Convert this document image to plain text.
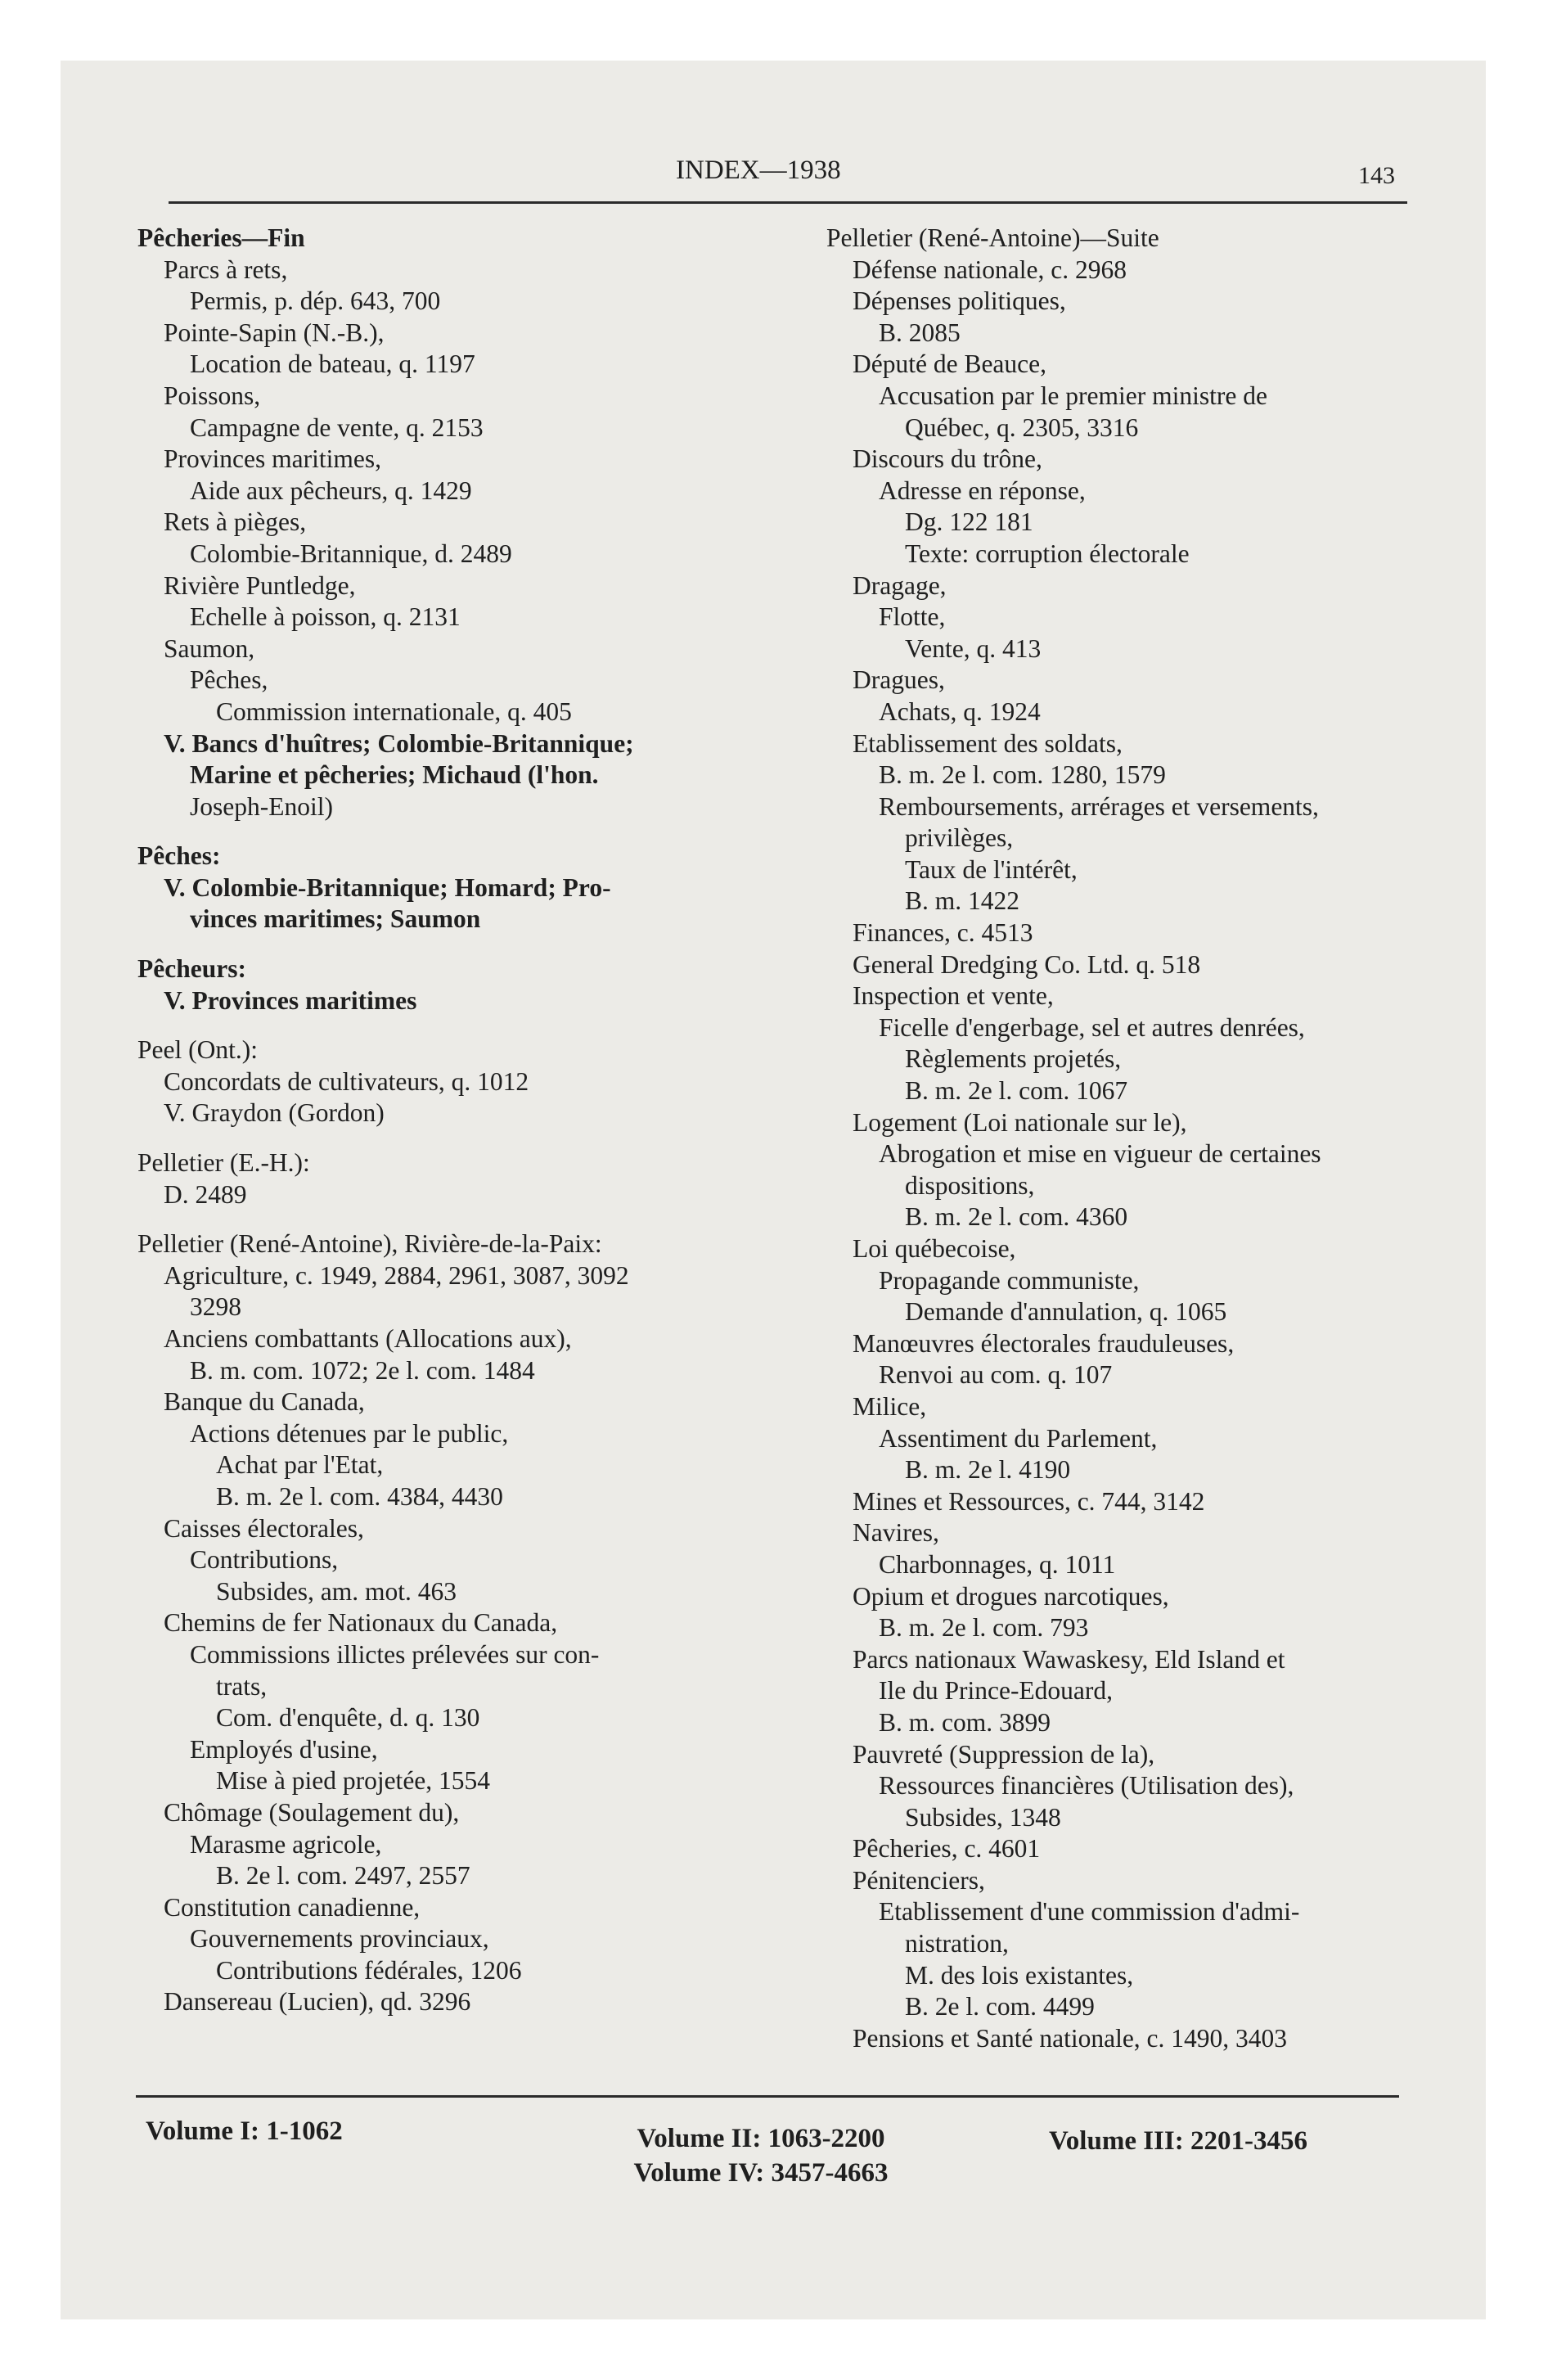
INDEX—1938	143
Pêcheries—Fin
Parcs à rets,
Permis, p. dép. 643, 700
Pointe-Sapin (N.-B.),
Location de bateau, q. 1197
Poissons,
Campagne de vente, q. 2153
Provinces maritimes,
Aide aux pêcheurs, q. 1429
Rets à pièges,
Colombie-Britannique, d. 2489
Rivière Puntledge,
Echelle à poisson, q. 2131
Saumon,
Pêches,
Commission internationale, q. 405
V. Bancs d'huîtres; Colombie-Britannique;
Marine et pêcheries; Michaud (l'hon.
Joseph-Enoil)
Pêches:
V. Colombie-Britannique; Homard; Pro-
vinces maritimes; Saumon
Pêcheurs:
V. Provinces maritimes
Peel (Ont.):
Concordats de cultivateurs, q. 1012
V. Graydon (Gordon)
Pelletier (E.-H.):
D. 2489
Pelletier (René-Antoine), Rivière-de-la-Paix:
Agriculture, c. 1949, 2884, 2961, 3087, 3092
3298
Anciens combattants (Allocations aux),
B. m. com. 1072; 2e l. com. 1484
Banque du Canada,
Actions détenues par le public,
Achat par l'Etat,
B. m. 2e l. com. 4384, 4430
Caisses électorales,
Contributions,
Subsides, am. mot. 463
Chemins de fer Nationaux du Canada,
Commissions illictes prélevées sur con-
trats,
Com. d'enquête, d. q. 130
Employés d'usine,
Mise à pied projetée, 1554
Chômage (Soulagement du),
Marasme agricole,
B. 2e l. com. 2497, 2557
Constitution canadienne,
Gouvernements provinciaux,
Contributions fédérales, 1206
Dansereau (Lucien), qd. 3296
Pelletier (René-Antoine)—Suite
Défense nationale, c. 2968
Dépenses politiques,
B. 2085
Député de Beauce,
Accusation par le premier ministre de
Québec, q. 2305, 3316
Discours du trône,
Adresse en réponse,
Dg. 122 181
Texte: corruption électorale
Dragage,
Flotte,
Vente, q. 413
Dragues,
Achats, q. 1924
Etablissement des soldats,
B. m. 2e l. com. 1280, 1579
Remboursements, arrérages et versements,
privilèges,
Taux de l'intérêt,
B. m. 1422
Finances, c. 4513
General Dredging Co. Ltd. q. 518
Inspection et vente,
Ficelle d'engerbage, sel et autres denrées,
Règlements projetés,
B. m. 2e l. com. 1067
Logement (Loi nationale sur le),
Abrogation et mise en vigueur de certaines
dispositions,
B. m. 2e l. com. 4360
Loi québecoise,
Propagande communiste,
Demande d'annulation, q. 1065
Manœuvres électorales frauduleuses,
Renvoi au com. q. 107
Milice,
Assentiment du Parlement,
B. m. 2e l. 4190
Mines et Ressources, c. 744, 3142
Navires,
Charbonnages, q. 1011
Opium et drogues narcotiques,
B. m. 2e l. com. 793
Parcs nationaux Wawaskesy, Eld Island et
Ile du Prince-Edouard,
B. m. com. 3899
Pauvreté (Suppression de la),
Ressources financières (Utilisation des),
Subsides, 1348
Pêcheries, c. 4601
Pénitenciers,
Etablissement d'une commission d'admi-
nistration,
M. des lois existantes,
B. 2e l. com. 4499
Pensions et Santé nationale, c. 1490, 3403
Volume I: 1-1062	Volume II: 1063-2200
Volume IV: 3457-4663
Volume III: 2201-3456
